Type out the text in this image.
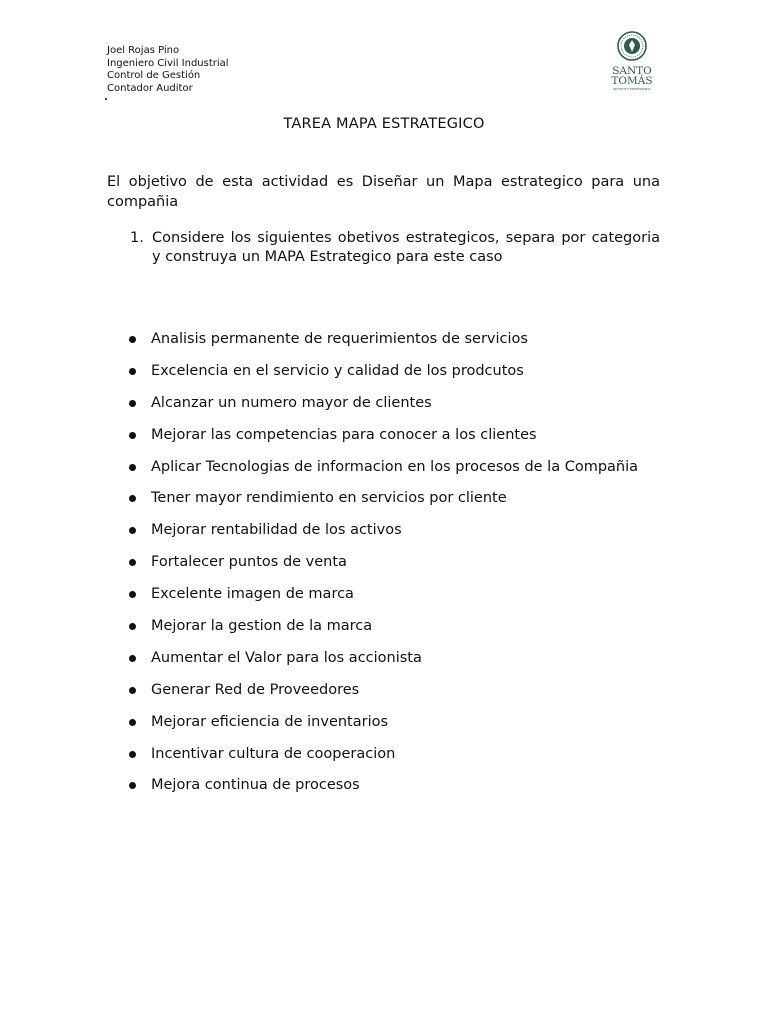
Joel Rojas Pino
Ingeniero Civil Industrial
Control de Gestión
Contador Auditor
SANTO
TOMÁS
INSTITUTO PROFESIONAL
TAREA MAPA ESTRATEGICO
El objetivo de esta actividad es Diseñar un Mapa estrategico para una compañia
1. Considere los siguientes obetivos estrategicos, separa por categoria y construya un MAPA Estrategico para este caso
Analisis permanente de requerimientos de servicios
Excelencia en el servicio y calidad de los prodcutos
Alcanzar un numero mayor de clientes
Mejorar las competencias para conocer a los clientes
Aplicar Tecnologias de informacion en los procesos de la Compañia
Tener mayor rendimiento en servicios por cliente
Mejorar rentabilidad de los activos
Fortalecer puntos de venta
Excelente imagen de marca
Mejorar la gestion de la marca
Aumentar el Valor para los accionista
Generar Red de Proveedores
Mejorar eficiencia de inventarios
Incentivar cultura de cooperacion
Mejora continua de procesos
